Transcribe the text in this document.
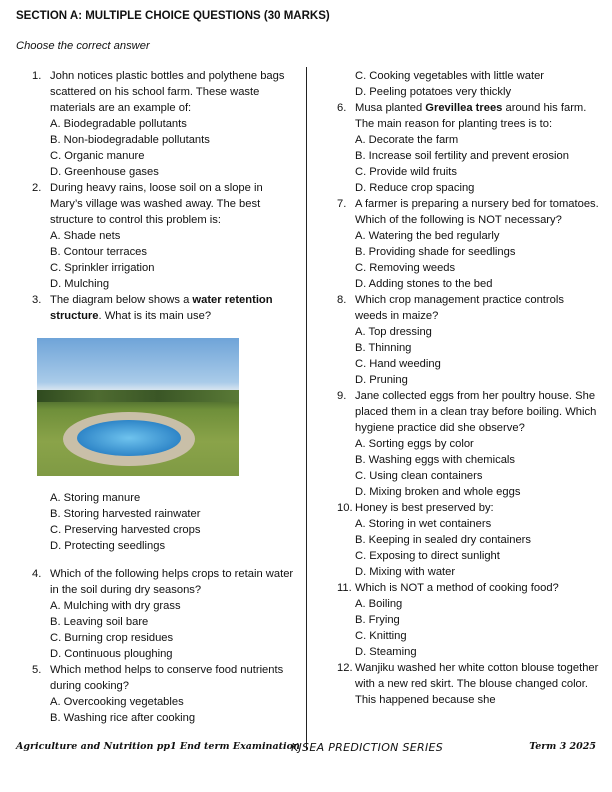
SECTION A: MULTIPLE CHOICE QUESTIONS (30 MARKS)
Choose the correct answer
1. John notices plastic bottles and polythene bags scattered on his school farm. These waste materials are an example of:
A. Biodegradable pollutants
B. Non-biodegradable pollutants
C. Organic manure
D. Greenhouse gases
2. During heavy rains, loose soil on a slope in Mary’s village was washed away. The best structure to control this problem is:
A. Shade nets
B. Contour terraces
C. Sprinkler irrigation
D. Mulching
3. The diagram below shows a water retention structure. What is its main use?
A. Storing manure
B. Storing harvested rainwater
C. Preserving harvested crops
D. Protecting seedlings
4. Which of the following helps crops to retain water in the soil during dry seasons?
A. Mulching with dry grass
B. Leaving soil bare
C. Burning crop residues
D. Continuous ploughing
5. Which method helps to conserve food nutrients during cooking?
A. Overcooking vegetables
B. Washing rice after cooking
C. Cooking vegetables with little water
D. Peeling potatoes very thickly
6. Musa planted Grevillea trees around his farm. The main reason for planting trees is to:
A. Decorate the farm
B. Increase soil fertility and prevent erosion
C. Provide wild fruits
D. Reduce crop spacing
7. A farmer is preparing a nursery bed for tomatoes. Which of the following is NOT necessary?
A. Watering the bed regularly
B. Providing shade for seedlings
C. Removing weeds
D. Adding stones to the bed
8. Which crop management practice controls weeds in maize?
A. Top dressing
B. Thinning
C. Hand weeding
D. Pruning
9. Jane collected eggs from her poultry house. She placed them in a clean tray before boiling. Which hygiene practice did she observe?
A. Sorting eggs by color
B. Washing eggs with chemicals
C. Using clean containers
D. Mixing broken and whole eggs
10. Honey is best preserved by:
A. Storing in wet containers
B. Keeping in sealed dry containers
C. Exposing to direct sunlight
D. Mixing with water
11. Which is NOT a method of cooking food?
A. Boiling
B. Frying
C. Knitting
D. Steaming
12. Wanjiku washed her white cotton blouse together with a new red skirt. The blouse changed color. This happened because she
Agriculture and Nutrition pp1 End term Examination
KJSEA PREDICTION SERIES	Term 3 2025
